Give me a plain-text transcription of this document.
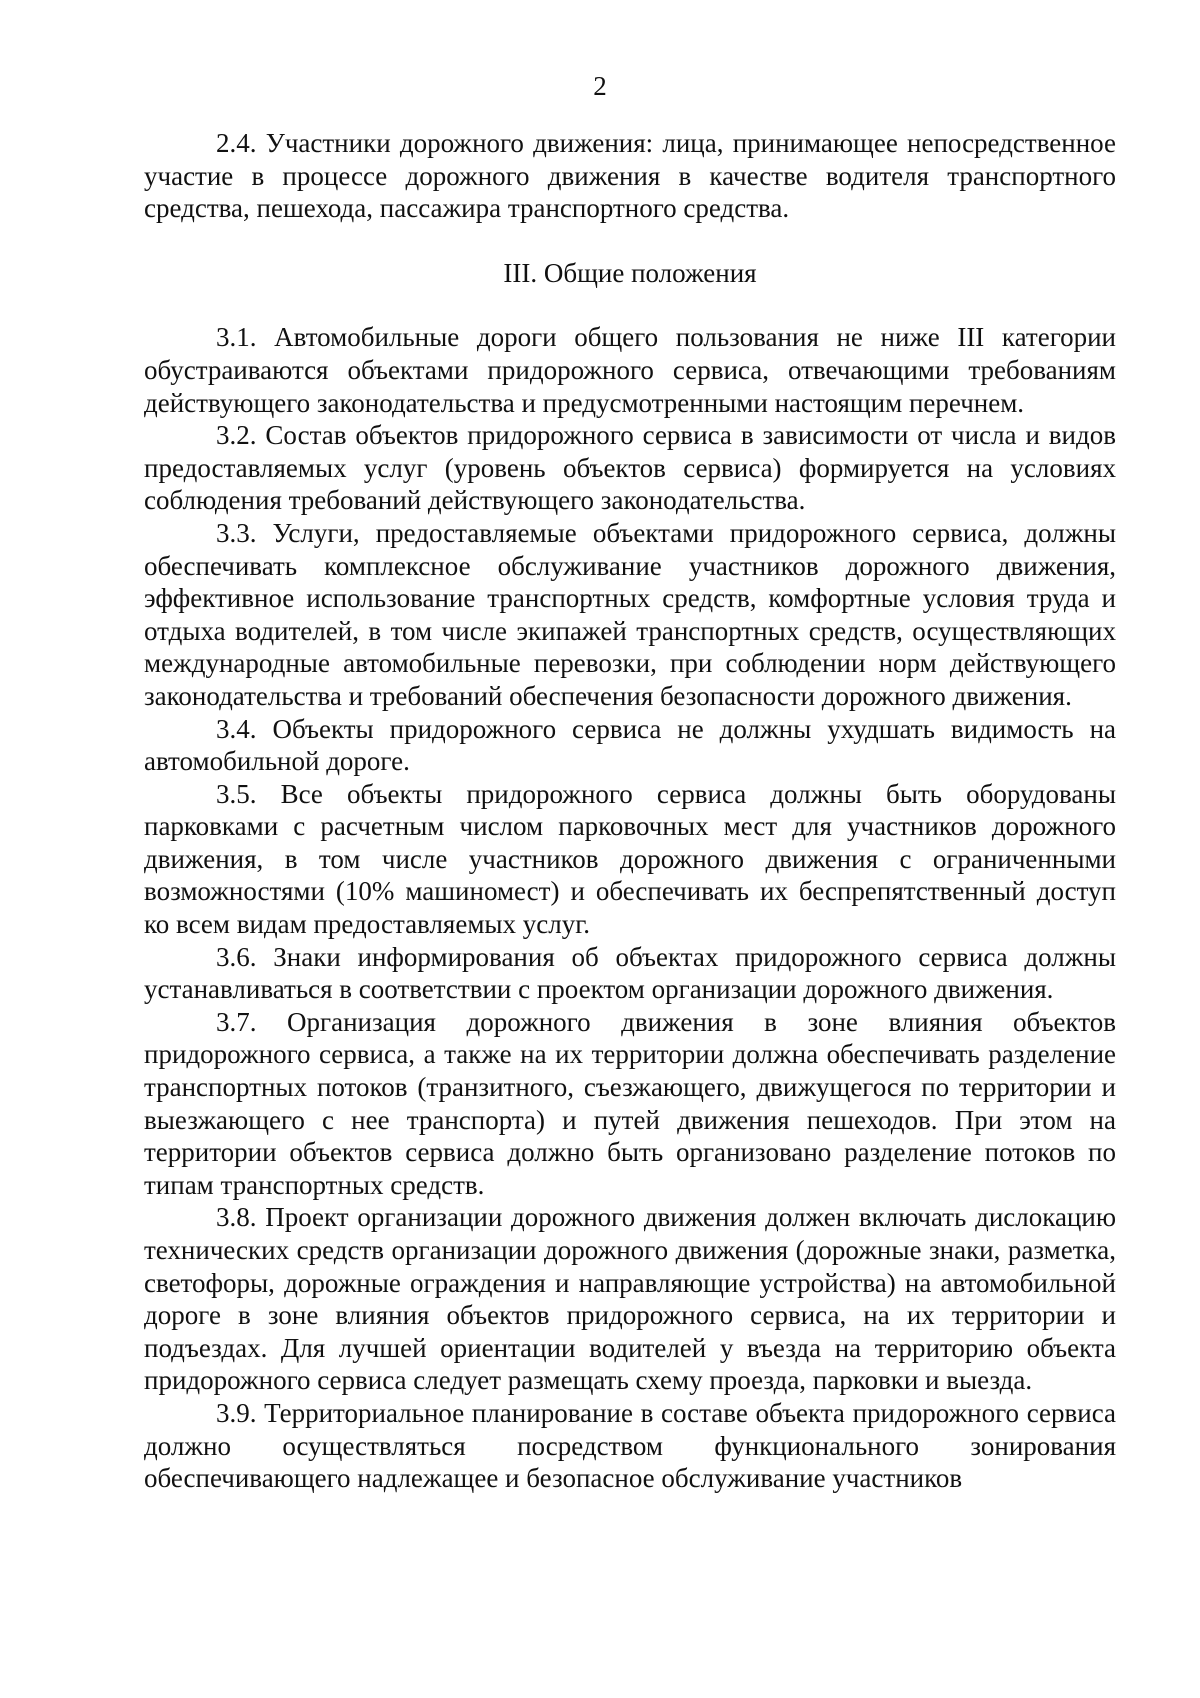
2

2.4. Участники дорожного движения: лица, принимающее непосредственное участие в процессе дорожного движения в качестве водителя транспортного средства, пешехода, пассажира транспортного средства.

III. Общие положения

3.1. Автомобильные дороги общего пользования не ниже III категории обустраиваются объектами придорожного сервиса, отвечающими требованиям действующего законодательства и предусмотренными настоящим перечнем.

3.2. Состав объектов придорожного сервиса в зависимости от числа и видов предоставляемых услуг (уровень объектов сервиса) формируется на условиях соблюдения требований действующего законодательства.

3.3. Услуги, предоставляемые объектами придорожного сервиса, должны обеспечивать комплексное обслуживание участников дорожного движения, эффективное использование транспортных средств, комфортные условия труда и отдыха водителей, в том числе экипажей транспортных средств, осуществляющих международные автомобильные перевозки, при соблюдении норм действующего законодательства и требований обеспечения безопасности дорожного движения.

3.4. Объекты придорожного сервиса не должны ухудшать видимость на автомобильной дороге.

3.5. Все объекты придорожного сервиса должны быть оборудованы парковками с расчетным числом парковочных мест для участников дорожного движения, в том числе участников дорожного движения с ограниченными возможностями (10% машиномест) и обеспечивать их беспрепятственный доступ ко всем видам предоставляемых услуг.

3.6. Знаки информирования об объектах придорожного сервиса должны устанавливаться в соответствии с проектом организации дорожного движения.

3.7. Организация дорожного движения в зоне влияния объектов придорожного сервиса, а также на их территории должна обеспечивать разделение транспортных потоков (транзитного, съезжающего, движущегося по территории и выезжающего с нее транспорта) и путей движения пешеходов. При этом на территории объектов сервиса должно быть организовано разделение потоков по типам транспортных средств.

3.8. Проект организации дорожного движения должен включать дислокацию технических средств организации дорожного движения (дорожные знаки, разметка, светофоры, дорожные ограждения и направляющие устройства) на автомобильной дороге в зоне влияния объектов придорожного сервиса, на их территории и подъездах. Для лучшей ориентации водителей у въезда на территорию объекта придорожного сервиса следует размещать схему проезда, парковки и выезда.

3.9. Территориальное планирование в составе объекта придорожного сервиса должно осуществляться посредством функционального зонирования обеспечивающего надлежащее и безопасное обслуживание участников
